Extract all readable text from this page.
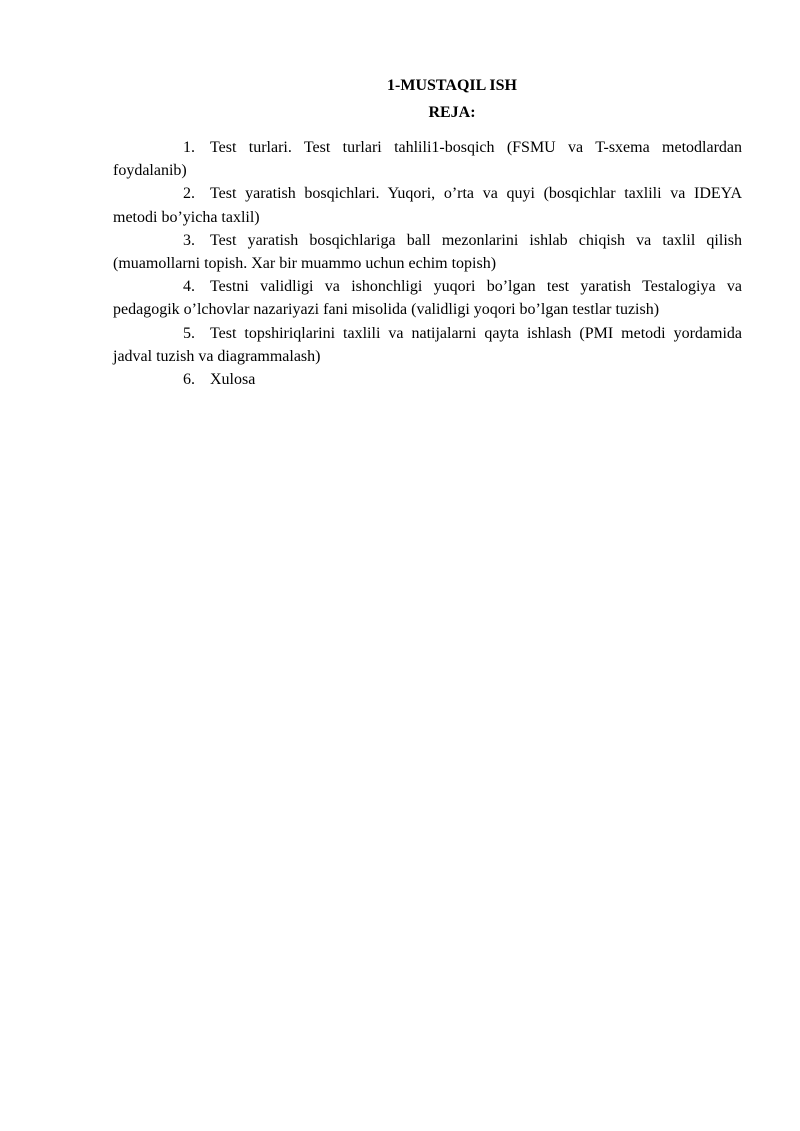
1-MUSTAQIL ISH
REJA:
1. Test turlari. Test turlari tahlili1-bosqich (FSMU va T-sxema metodlardan foydalanib)
2. Test yaratish bosqichlari. Yuqori, o’rta va quyi (bosqichlar taxlili va IDEYA metodi bo’yicha taxlil)
3. Test yaratish bosqichlariga ball mezonlarini ishlab chiqish va taxlil qilish (muamollarni topish. Xar bir muammo uchun echim topish)
4. Testni validligi va ishonchligi yuqori bo’lgan test yaratish Testalogiya va pedagogik o’lchovlar nazariyazi fani misolida (validligi yoqori bo’lgan testlar tuzish)
5. Test topshiriqlarini taxlili va natijalarni qayta ishlash (PMI metodi yordamida jadval tuzish va diagrammalash)
6. Xulosa
